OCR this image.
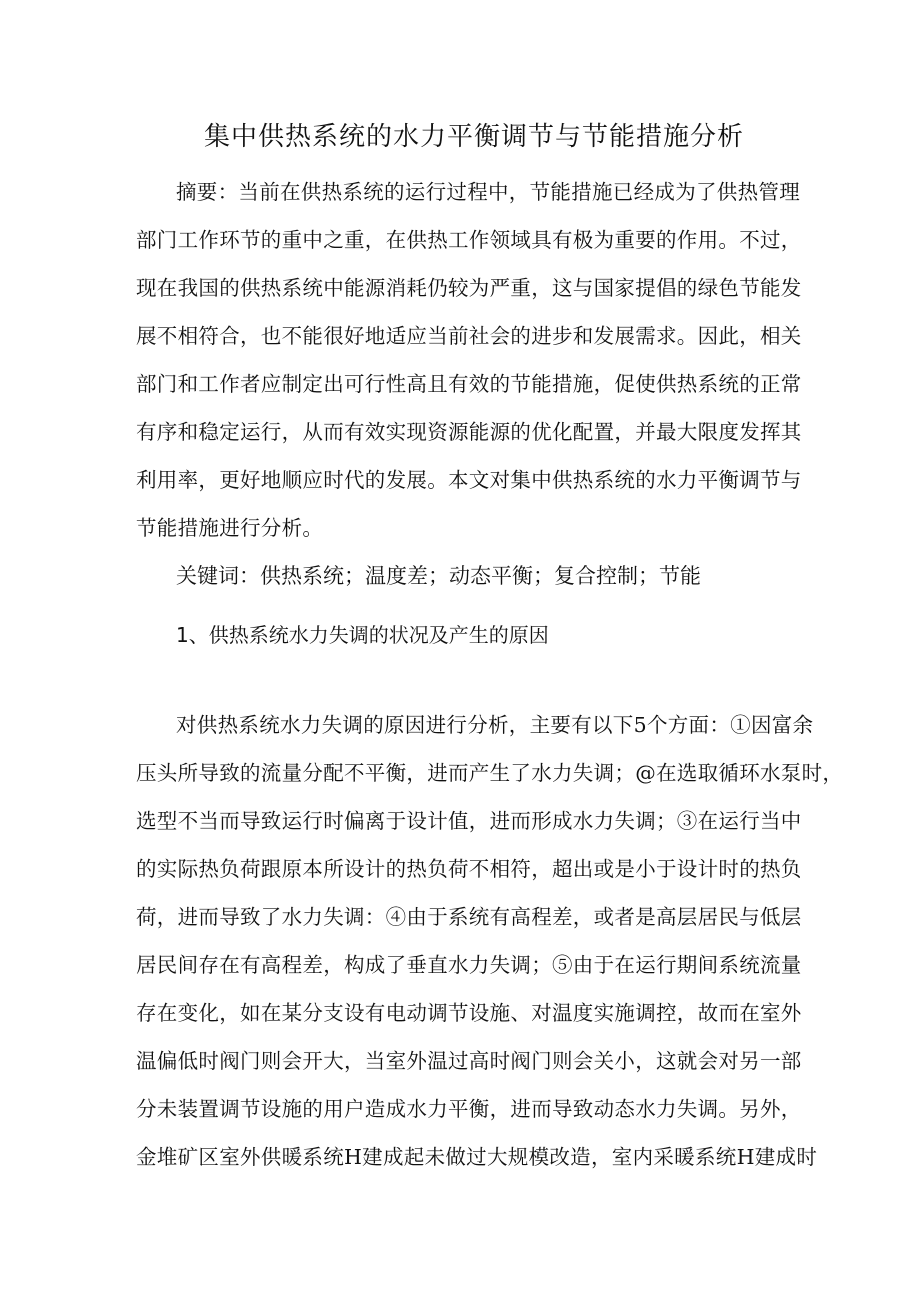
集中供热系统的水力平衡调节与节能措施分析
摘要：当前在供热系统的运行过程中，节能措施已经成为了供热管理
部门工作环节的重中之重，在供热工作领域具有极为重要的作用。不过，
现在我国的供热系统中能源消耗仍较为严重，这与国家提倡的绿色节能发
展不相符合，也不能很好地适应当前社会的进步和发展需求。因此，相关
部门和工作者应制定出可行性高且有效的节能措施，促使供热系统的正常
有序和稳定运行，从而有效实现资源能源的优化配置，并最大限度发挥其
利用率，更好地顺应时代的发展。本文对集中供热系统的水力平衡调节与
节能措施进行分析。
关键词：供热系统；温度差；动态平衡；复合控制；节能
1、供热系统水力失调的状况及产生的原因
对供热系统水力失调的原因进行分析，主要有以下5个方面：①因富余
压头所导致的流量分配不平衡，进而产生了水力失调；@在选取循环水泵时，
选型不当而导致运行时偏离于设计值，进而形成水力失调；③在运行当中
的实际热负荷跟原本所设计的热负荷不相符，超出或是小于设计时的热负
荷，进而导致了水力失调：④由于系统有高程差，或者是高层居民与低层
居民间存在有高程差，构成了垂直水力失调；⑤由于在运行期间系统流量
存在变化，如在某分支设有电动调节设施、对温度实施调控，故而在室外
温偏低时阀门则会开大，当室外温过高时阀门则会关小，这就会对另一部
分未装置调节设施的用户造成水力平衡，进而导致动态水力失调。另外，
金堆矿区室外供暖系统H建成起未做过大规模改造，室内采暖系统H建成时
